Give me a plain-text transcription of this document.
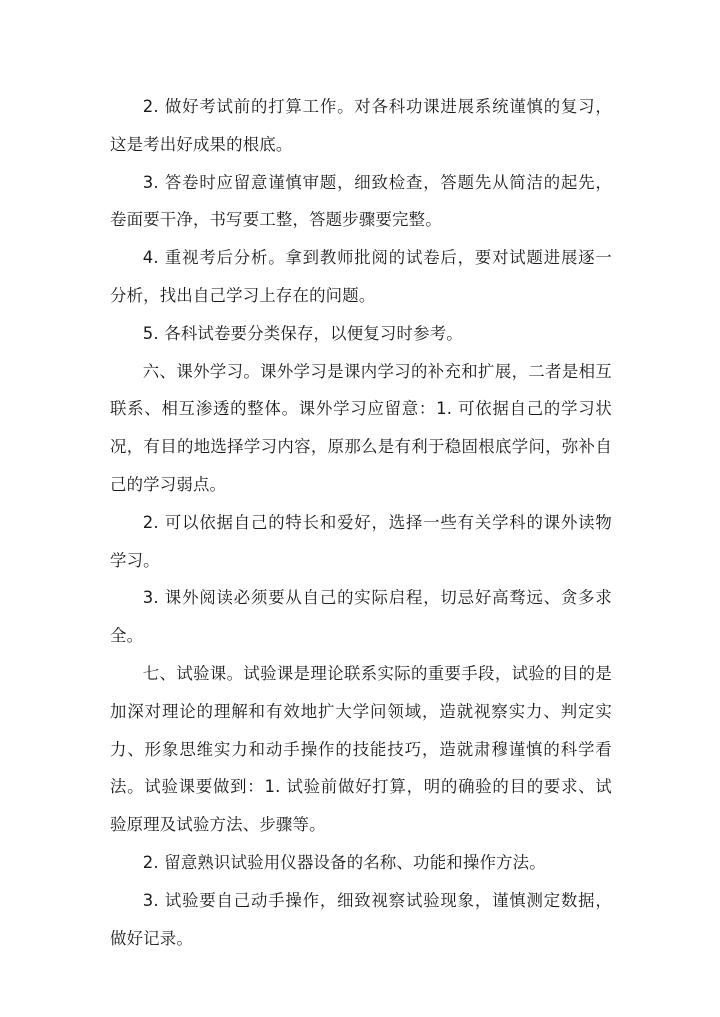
2. 做好考试前的打算工作。对各科功课进展系统谨慎的复习，这是考出好成果的根底。

3. 答卷时应留意谨慎审题，细致检查，答题先从简洁的起先，卷面要干净，书写要工整，答题步骤要完整。

4. 重视考后分析。拿到教师批阅的试卷后，要对试题进展逐一分析，找出自己学习上存在的问题。

5. 各科试卷要分类保存，以便复习时参考。

六、课外学习。课外学习是课内学习的补充和扩展，二者是相互联系、相互渗透的整体。课外学习应留意：1. 可依据自己的学习状况，有目的地选择学习内容，原那么是有利于稳固根底学问，弥补自己的学习弱点。

2. 可以依据自己的特长和爱好，选择一些有关学科的课外读物学习。

3. 课外阅读必须要从自己的实际启程，切忌好高骛远、贪多求全。

七、试验课。试验课是理论联系实际的重要手段，试验的目的是加深对理论的理解和有效地扩大学问领域，造就视察实力、判定实力、形象思维实力和动手操作的技能技巧，造就肃穆谨慎的科学看法。试验课要做到：1. 试验前做好打算，明的确验的目的要求、试验原理及试验方法、步骤等。

2. 留意熟识试验用仪器设备的名称、功能和操作方法。

3. 试验要自己动手操作，细致视察试验现象，谨慎测定数据，做好记录。
